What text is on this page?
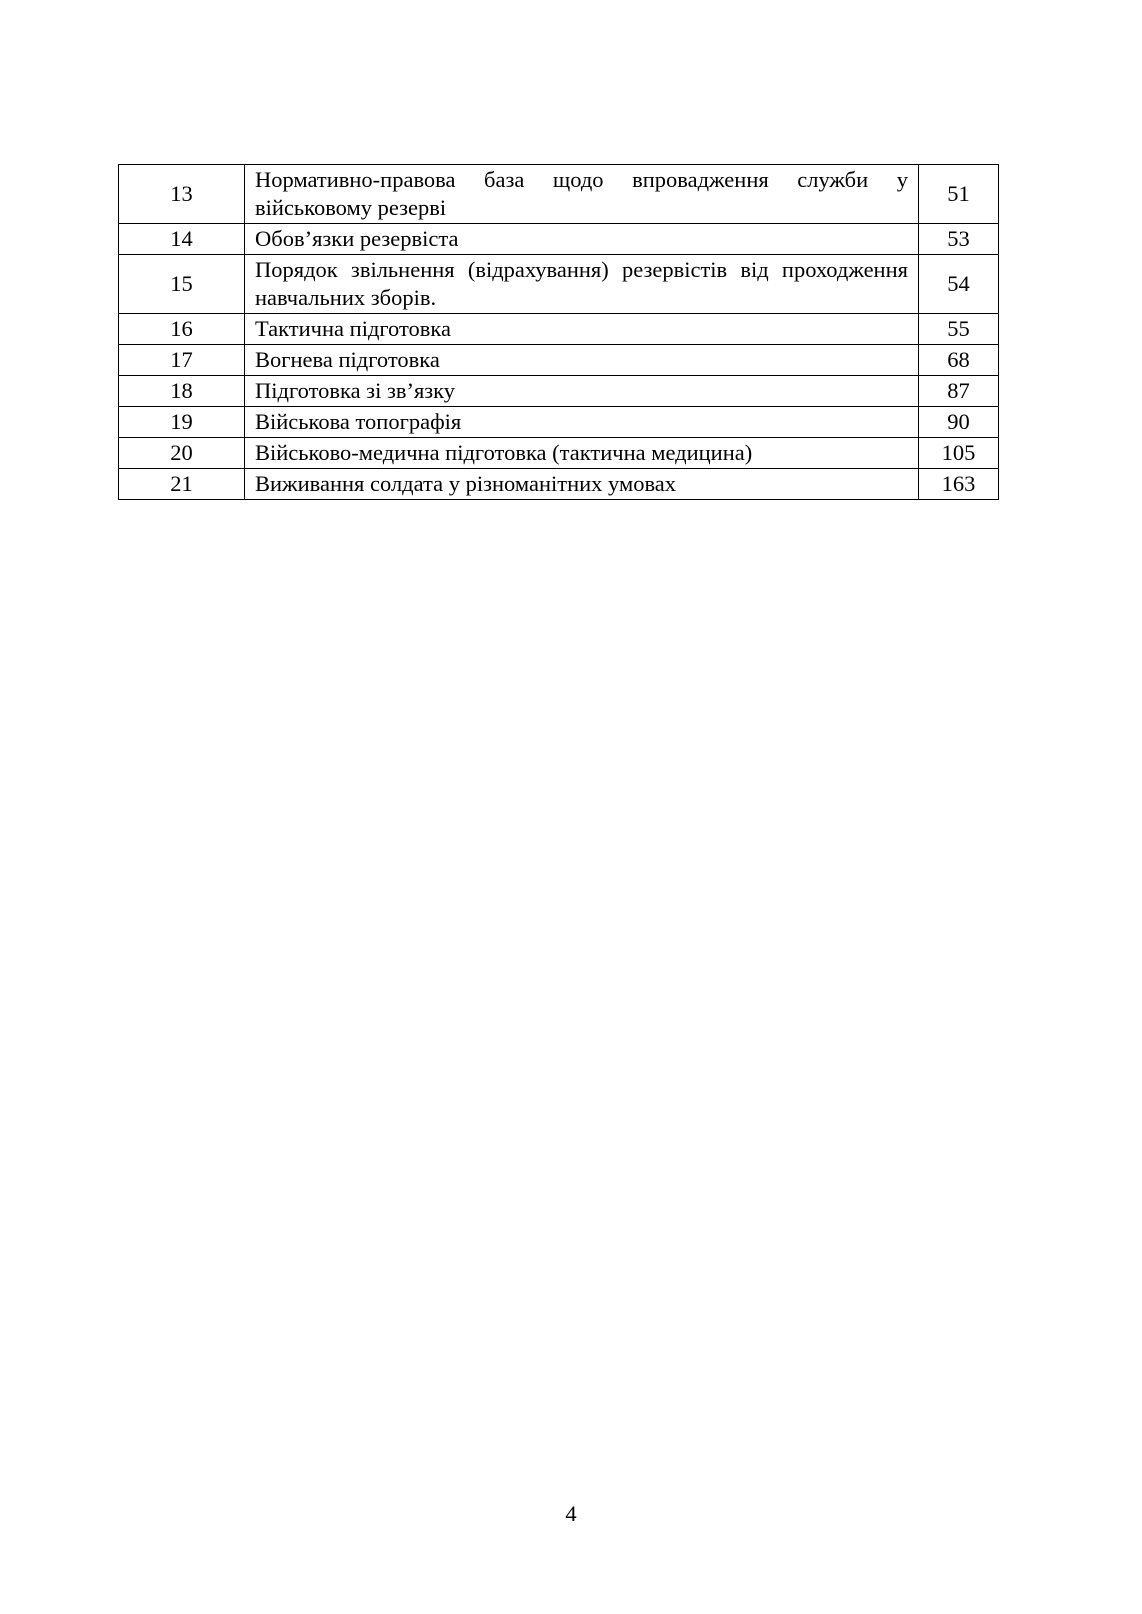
13	Нормативно-правова база щодо впровадження служби у військовому резерві	51
14	Обов’язки резервіста	53
15	Порядок звільнення (відрахування) резервістів від проходження навчальних зборів.	54
16	Тактична підготовка	55
17	Вогнева підготовка	68
18	Підготовка зі зв’язку	87
19	Військова топографія	90
20	Військово-медична підготовка (тактична медицина)	105
21	Виживання солдата у різноманітних умовах	163
4
